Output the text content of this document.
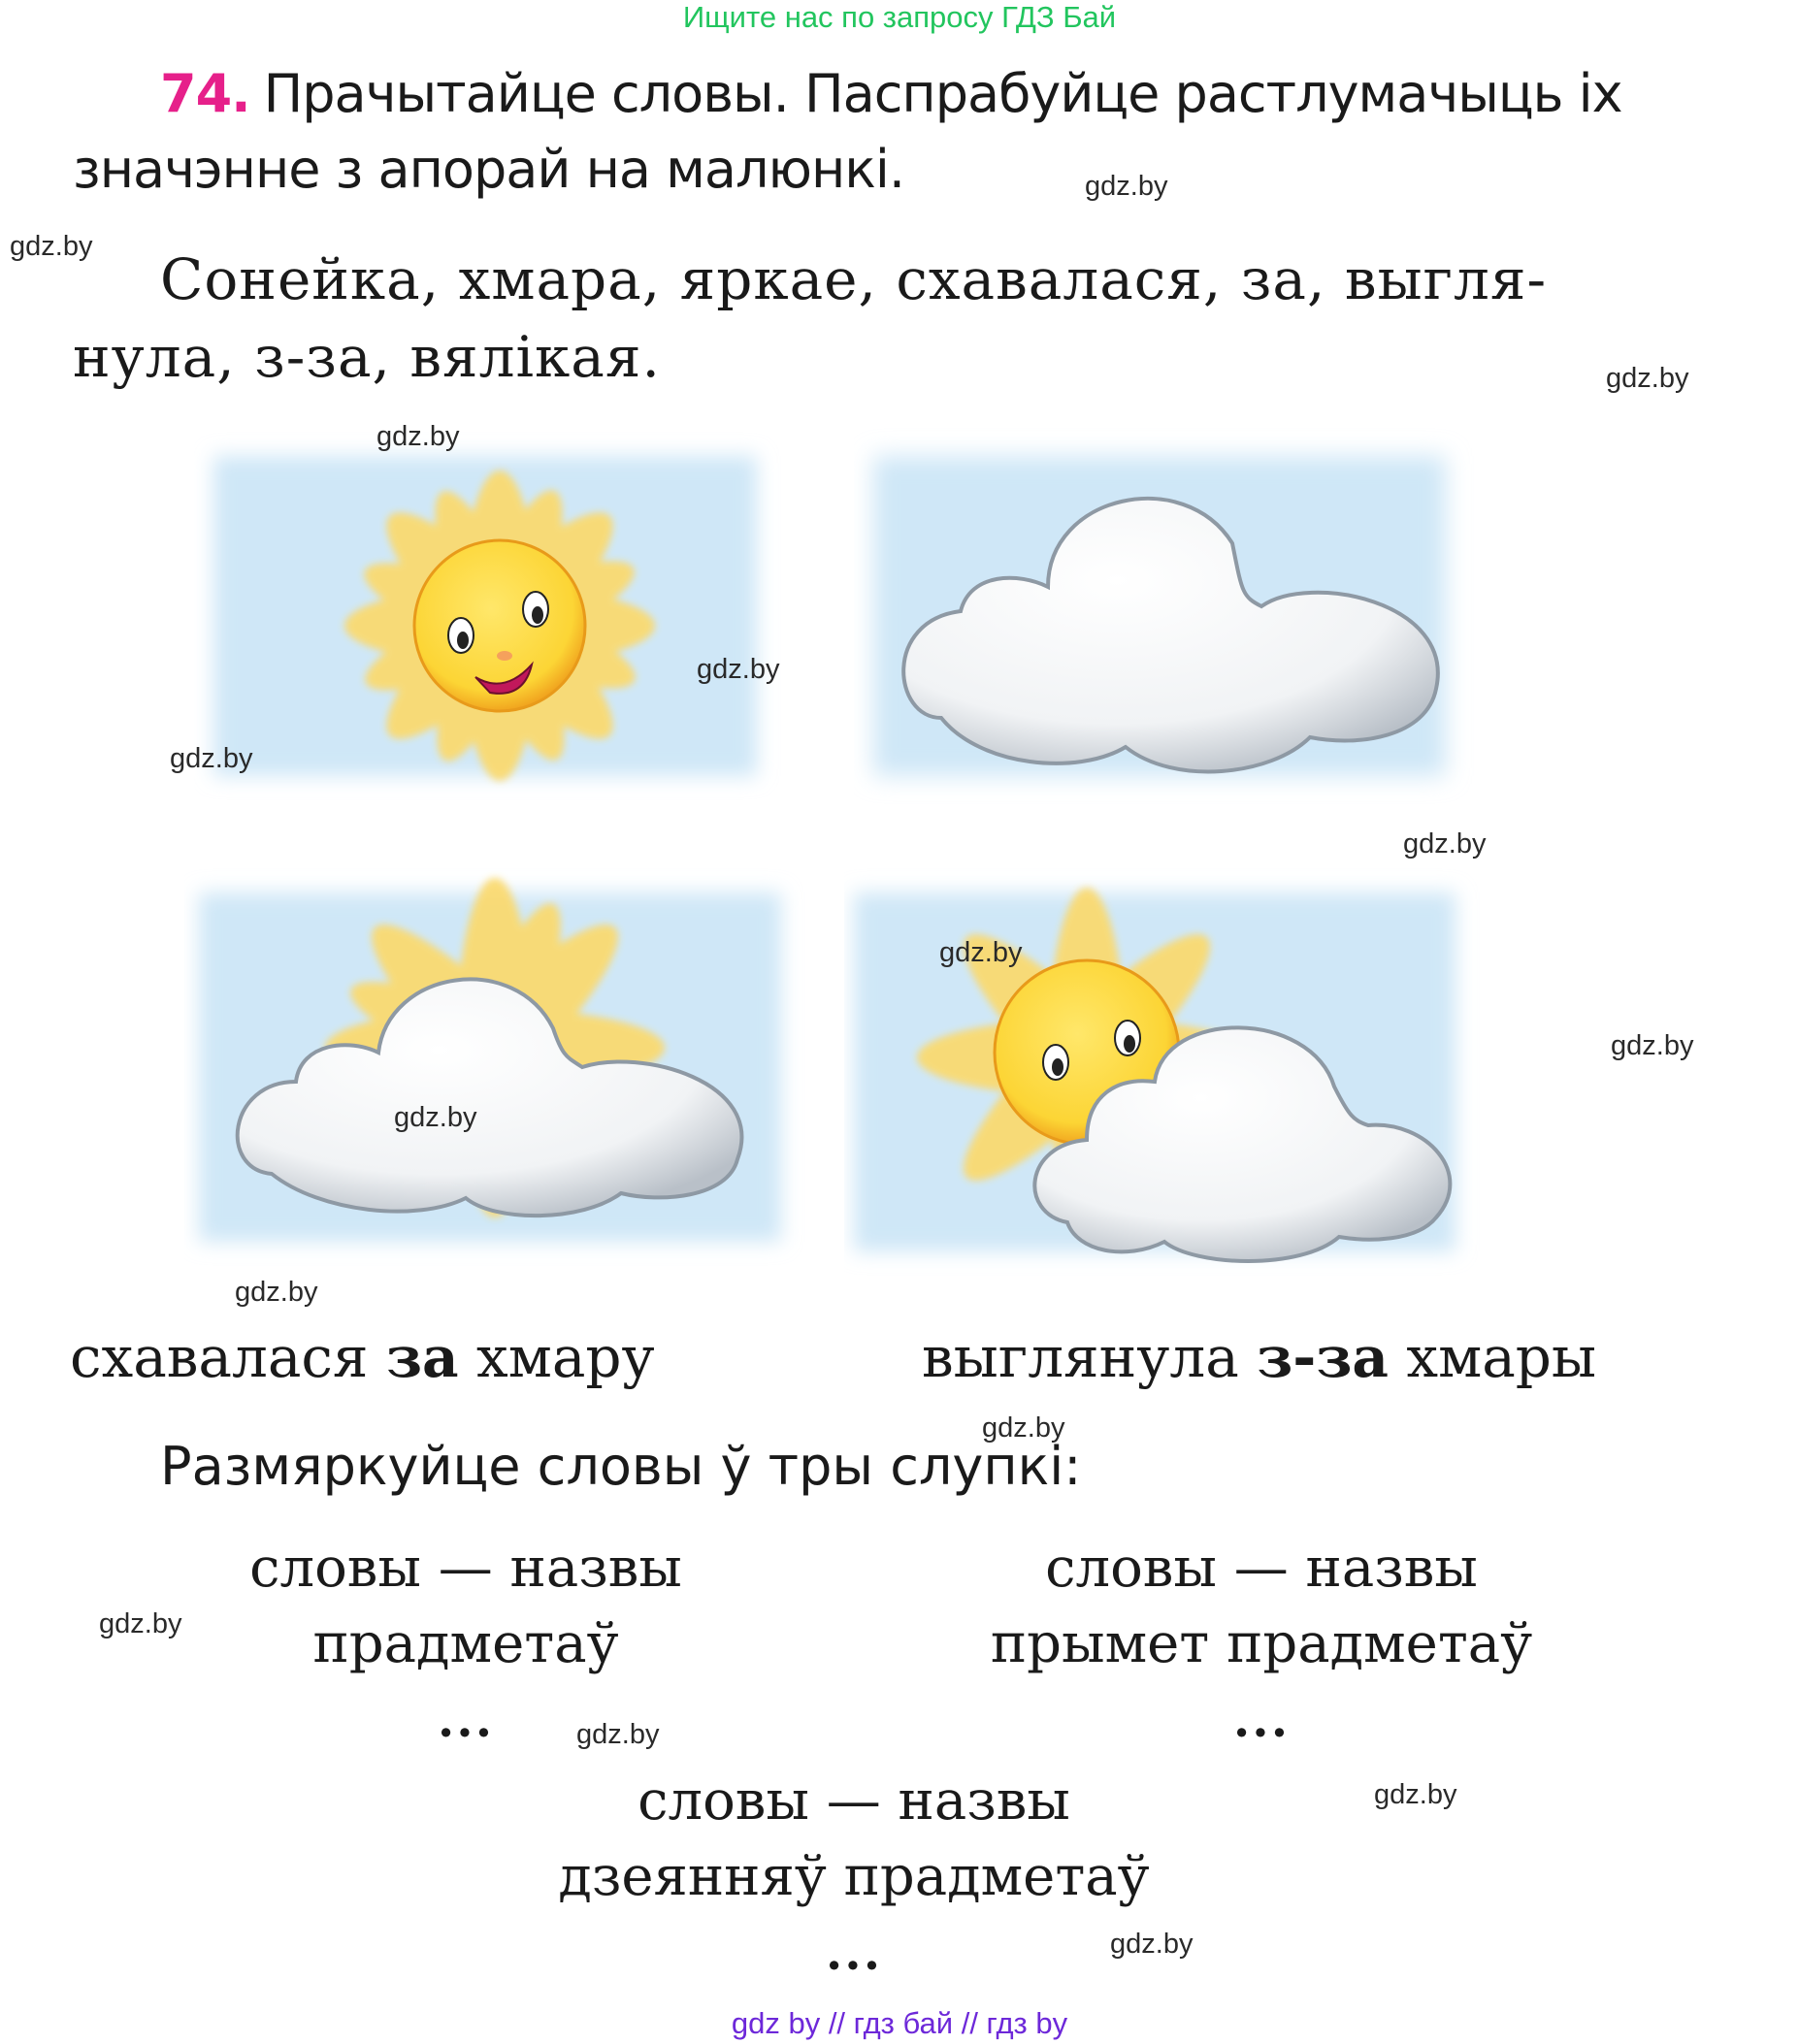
Ищите нас по запросу ГДЗ Бай
74. Прачытайце словы. Паспрабуйце растлумачыць іх значэнне з апорай на малюнкі.
Сонейка, хмара, яркае, схавалася, за, выглянула, з-за, вялікая.
схавалася за хмару	выглянула з-за хмары
Размяркуйце словы ў тры слупкі:
словы — назвы
прадметаў
...
словы — назвы
прымет прадметаў
...
словы — назвы
дзеянняў прадметаў
...
gdz.by
gdz.by
gdz.by
gdz.by
gdz.by
gdz.by
gdz.by
gdz.by
gdz.by
gdz.by
gdz.by
gdz.by
gdz.by
gdz.by
gdz.by
gdz.by
gdz by // гдз бай // гдз by
